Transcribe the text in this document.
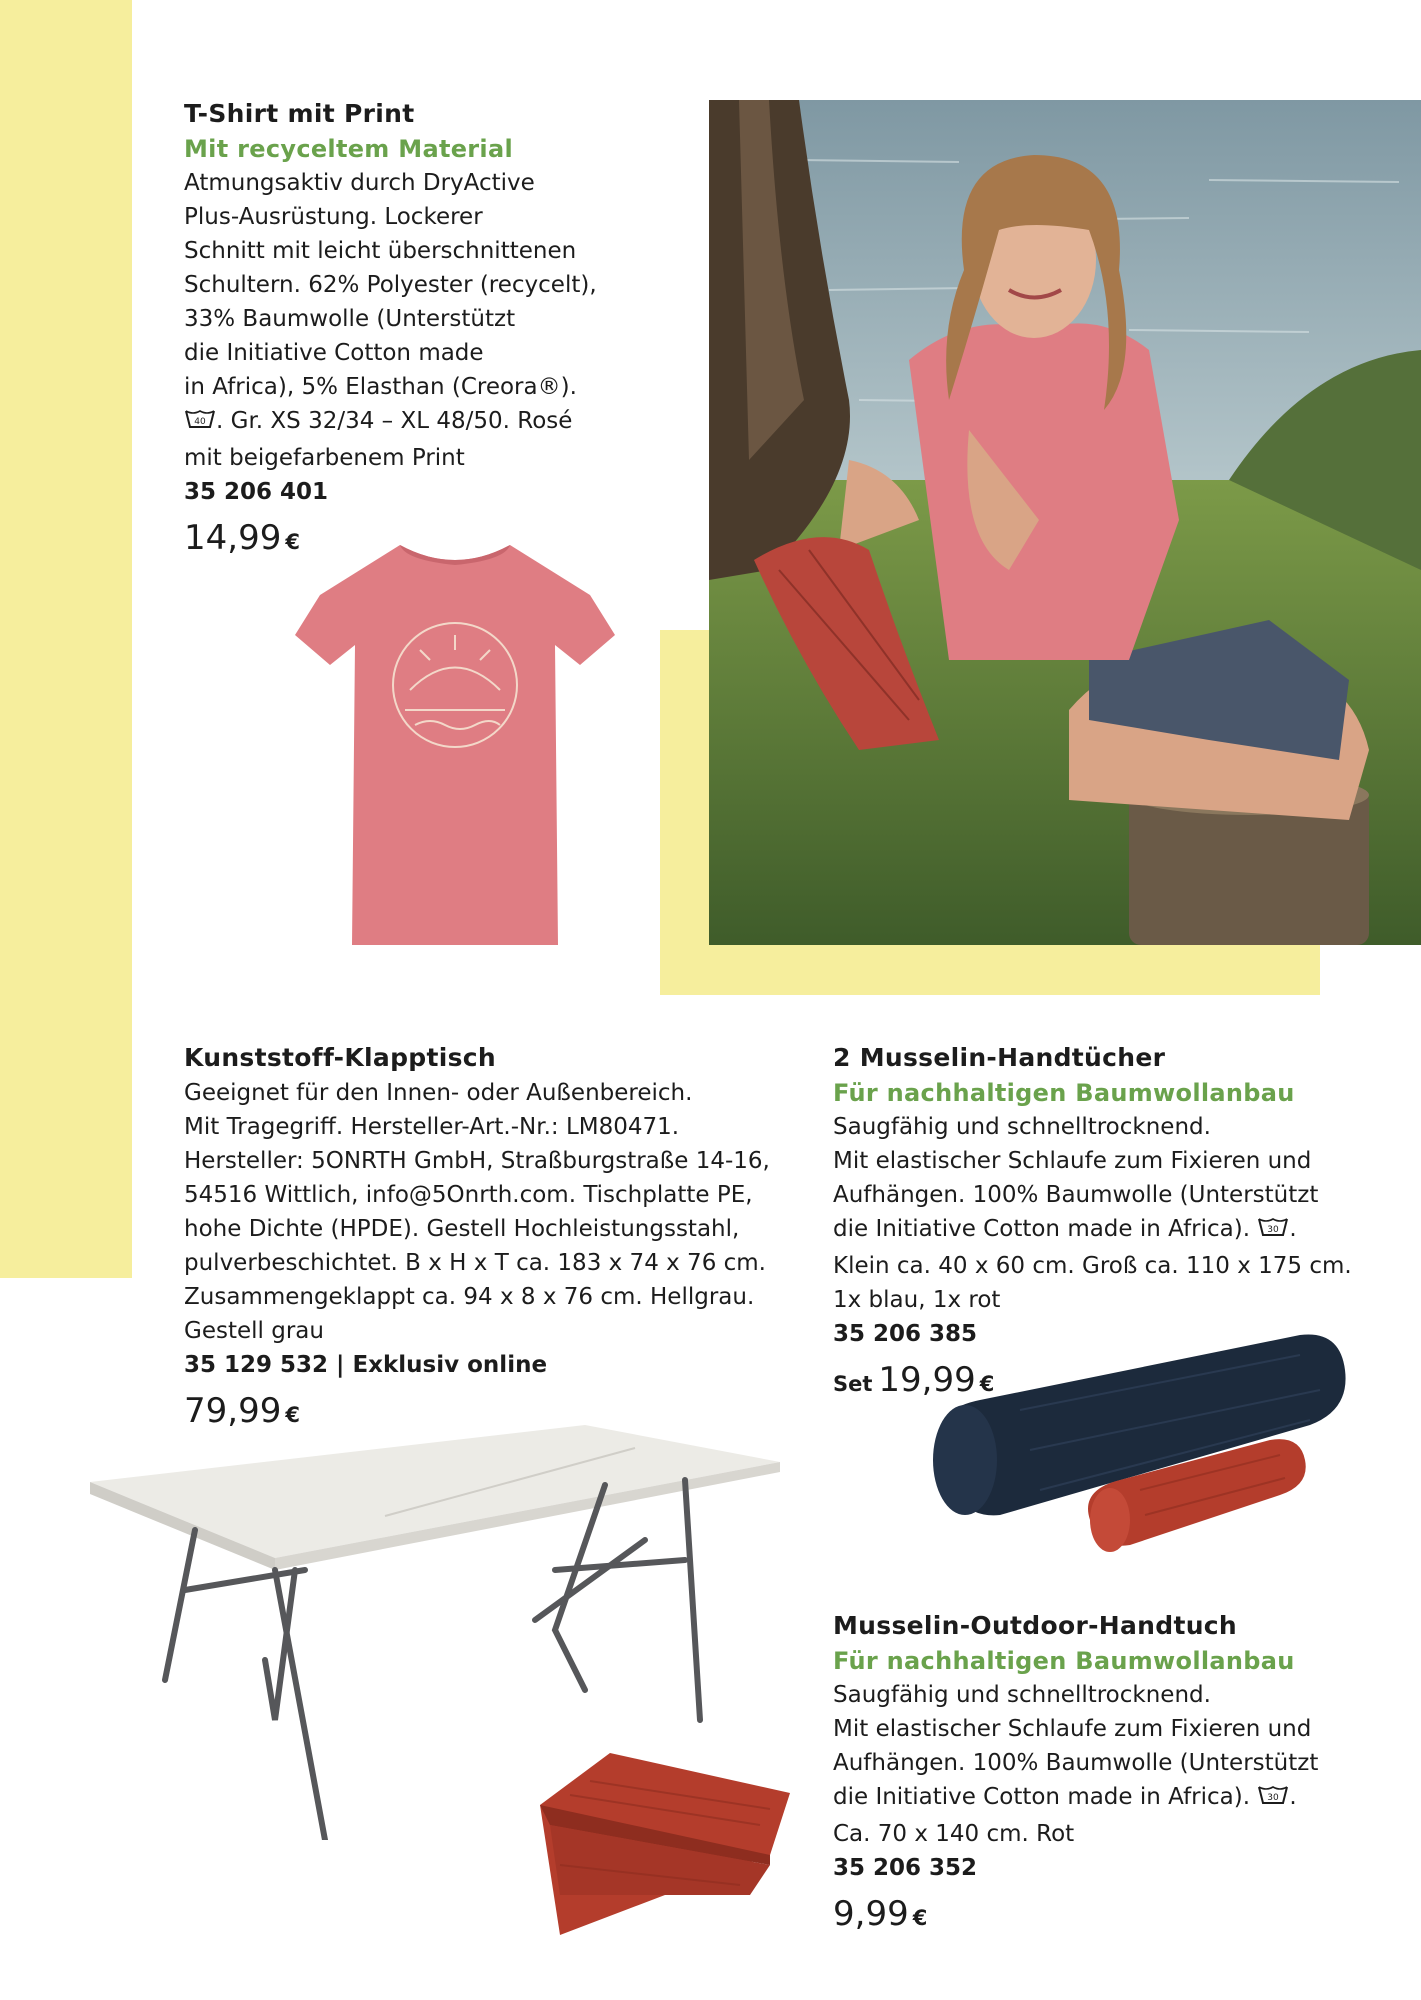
T-Shirt mit Print
Mit recyceltem Material
Atmungsaktiv durch DryActive
Plus-Ausrüstung. Lockerer
Schnitt mit leicht überschnittenen
Schultern. 62% Polyester (recycelt),
33% Baumwolle (Unterstützt
die Initiative Cotton made
in Africa), 5% Elasthan (Creora®).
40 . Gr. XS 32/34 – XL 48/50. Rosé
mit beigefarbenem Print
35 206 401
14,99 €
Kunststoff-Klapptisch
Geeignet für den Innen- oder Außenbereich.
Mit Tragegriff. Hersteller-Art.-Nr.: LM80471.
Hersteller: 5ONRTH GmbH, Straßburgstraße 14-16,
54516 Wittlich, info@5Onrth.com. Tischplatte PE,
hohe Dichte (HPDE). Gestell Hochleistungsstahl,
pulverbeschichtet. B x H x T ca. 183 x 74 x 76 cm.
Zusammengeklappt ca. 94 x 8 x 76 cm. Hellgrau.
Gestell grau
35 129 532 | Exklusiv online
79,99 €
2 Musselin-Handtücher
Für nachhaltigen Baumwollanbau
Saugfähig und schnelltrocknend.
Mit elastischer Schlaufe zum Fixieren und
Aufhängen. 100% Baumwolle (Unterstützt
die Initiative Cotton made in Africa). 30 .
Klein ca. 40 x 60 cm. Groß ca. 110 x 175 cm.
1x blau, 1x rot
35 206 385
Set 19,99 €
Musselin-Outdoor-Handtuch
Für nachhaltigen Baumwollanbau
Saugfähig und schnelltrocknend.
Mit elastischer Schlaufe zum Fixieren und
Aufhängen. 100% Baumwolle (Unterstützt
die Initiative Cotton made in Africa). 30 .
Ca. 70 x 140 cm. Rot
35 206 352
9,99 €
